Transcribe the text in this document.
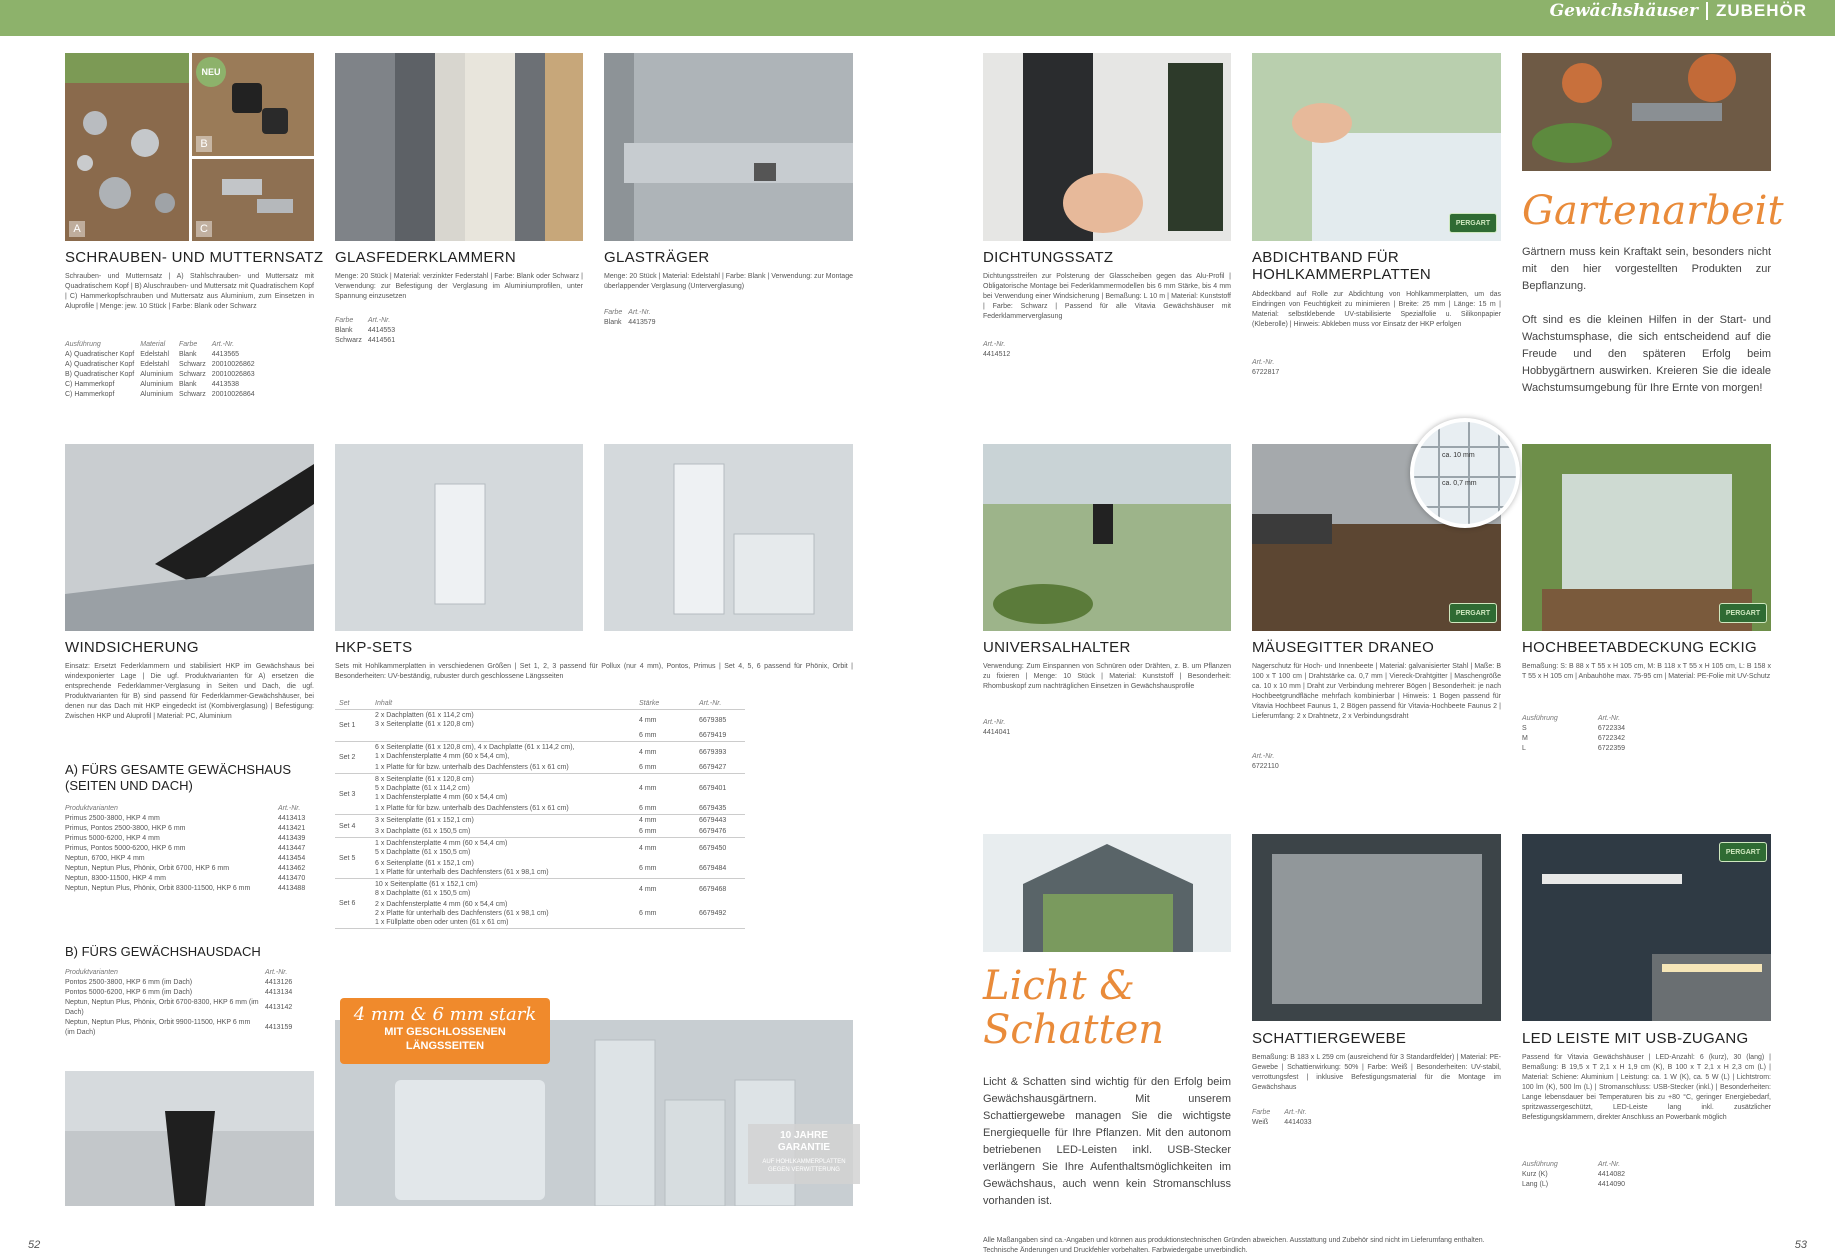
Gewächshäuser ZUBEHÖR
A
NEU
B
C
SCHRAUBEN- UND MUTTERNSATZ

Schrauben- und Mutternsatz | A) Stahlschrauben- und Muttersatz mit Quadratischem Kopf | B) Aluschrauben- und Muttersatz mit Quadratischem Kopf | C) Hammerkopfschrauben und Muttersatz aus Aluminium, zum Einsetzen in Aluprofile | Menge: jew. 10 Stück | Farbe: Blank oder Schwarz

Ausführung	Material	Farbe	Art.-Nr.
A) Quadratischer Kopf	Edelstahl	Blank	4413565
A) Quadratischer Kopf	Edelstahl	Schwarz	20010026862
B) Quadratischer Kopf	Aluminium	Schwarz	20010026863
C) Hammerkopf	Aluminium	Blank	4413538
C) Hammerkopf	Aluminium	Schwarz	20010026864
GLASFEDERKLAMMERN

Menge: 20 Stück | Material: verzinkter Federstahl | Farbe: Blank oder Schwarz | Verwendung: zur Befestigung der Verglasung im Aluminiumprofilen, unter Spannung einzusetzen

Farbe	Art.-Nr.
Blank	4414553
Schwarz	4414561
GLASTRÄGER

Menge: 20 Stück | Material: Edelstahl | Farbe: Blank | Verwendung: zur Montage überlappender Verglasung (Unterverglasung)

Farbe	Art.-Nr.
Blank	4413579
WINDSICHERUNG

Einsatz: Ersetzt Federklammern und stabilisiert HKP im Gewächshaus bei windexponierter Lage | Die ugf. Produktvarianten für A) ersetzen die entsprechende Federklammer-Verglasung in Seiten und Dach, die ugf. Produktvarianten für B) sind passend für Federklammer-Gewächshäuser, bei denen nur das Dach mit HKP eingedeckt ist (Kombiverglasung) | Befestigung: Zwischen HKP und Aluprofil | Material: PC, Aluminium

A) FÜRS GESAMTE GEWÄCHSHAUS
(SEITEN UND DACH)
Produktvarianten	Art.-Nr.
Primus 2500-3800, HKP 4 mm	4413413
Primus, Pontos 2500-3800, HKP 6 mm	4413421
Primus 5000-6200, HKP 4 mm	4413439
Primus, Pontos 5000-6200, HKP 6 mm	4413447
Neptun, 6700, HKP 4 mm	4413454
Neptun, Neptun Plus, Phönix, Orbit 6700, HKP 6 mm	4413462
Neptun, 8300-11500, HKP 4 mm	4413470
Neptun, Neptun Plus, Phönix, Orbit 8300-11500, HKP 6 mm	4413488
B) FÜRS GEWÄCHSHAUSDACH
Produktvarianten	Art.-Nr.
Pontos 2500-3800, HKP 6 mm (im Dach)	4413126
Pontos 5000-6200, HKP 6 mm (im Dach)	4413134
Neptun, Neptun Plus, Phönix, Orbit 6700-8300, HKP 6 mm (im Dach)	4413142
Neptun, Neptun Plus, Phönix, Orbit 9900-11500, HKP 6 mm (im Dach)	4413159
HKP-SETS

Sets mit Hohlkammerplatten in verschiedenen Größen | Set 1, 2, 3 passend für Pollux (nur 4 mm), Pontos, Primus | Set 4, 5, 6 passend für Phönix, Orbit | Besonderheiten: UV-beständig, rubuster durch geschlossene Längsseiten

Set	Inhalt	Stärke	Art.-Nr.
Set 1	2 x Dachplatten (61 x 114,2 cm)
3 x Seitenplatte (61 x 120,8 cm)	4 mm	6679385
		6 mm	6679419
Set 2	6 x Seitenplatte (61 x 120,8 cm), 4 x Dachplatte (61 x 114,2 cm),
1 x Dachfensterplatte 4 mm (60 x 54,4 cm),	4 mm	6679393

	1 x Platte für für bzw. unterhalb des Dachfensters (61 x 61 cm)	6 mm	6679427
Set 3	8 x Seitenplatte (61 x 120,8 cm)
5 x Dachplatte (61 x 114,2 cm)
1 x Dachfensterplatte 4 mm (60 x 54,4 cm)	4 mm	6679401

	1 x Platte für für bzw. unterhalb des Dachfensters (61 x 61 cm)	6 mm	6679435
Set 4	3 x Seitenplatte (61 x 152,1 cm)	4 mm	6679443

	3 x Dachplatte (61 x 150,5 cm)	6 mm	6679476
Set 5	1 x Dachfensterplatte 4 mm (60 x 54,4 cm)
5 x Dachplatte (61 x 150,5 cm)	4 mm	6679450

	6 x Seitenplatte (61 x 152,1 cm)
1 x Platte für unterhalb des Dachfensters (61 x 98,1 cm)	6 mm	6679484
Set 6	10 x Seitenplatte (61 x 152,1 cm)
8 x Dachplatte (61 x 150,5 cm)	4 mm	6679468

	2 x Dachfensterplatte 4 mm (60 x 54,4 cm)
2 x Platte für unterhalb des Dachfensters (61 x 98,1 cm)
1 x Füllplatte oben oder unten (61 x 61 cm)	6 mm	6679492
4 mm & 6 mm stark
MIT GESCHLOSSENEN
LÄNGSSEITEN
10 JAHRE
GARANTIE
AUF HOHLKAMMERPLATTEN
GEGEN VERWITTERUNG
52
DICHTUNGSSATZ

Dichtungsstreifen zur Polsterung der Glasscheiben gegen das Alu-Profil | Obligatorische Montage bei Federklammermodellen bis 6 mm Stärke, bis 4 mm bei Verwendung einer Windsicherung | Bemaßung: L 10 m | Material: Kunststoff | Farbe: Schwarz | Passend für alle Vitavia Gewächshäuser mit Federklammerverglasung

Art.-Nr.
4414512
PERGART
ABDICHTBAND FÜR
HOHLKAMMERPLATTEN

Abdeckband auf Rolle zur Abdichtung von Hohlkammerplatten, um das Eindringen von Feuchtigkeit zu minimieren | Breite: 25 mm | Länge: 15 m | Material: selbstklebende UV-stabilisierte Spezialfolie u. Silikonpapier (Kleberolle) | Hinweis: Abkleben muss vor Einsatz der HKP erfolgen

Art.-Nr.
6722817
Gartenarbeit

Gärtnern muss kein Kraftakt sein, besonders nicht mit den hier vorgestellten Produkten zur Bepflanzung.

Oft sind es die kleinen Hilfen in der Start- und Wachstumsphase, die sich entscheidend auf die Freude und den späteren Erfolg beim Hobbygärtnern auswirken. Kreieren Sie die ideale Wachstumsumgebung für Ihre Ernte von morgen!

UNIVERSALHALTER

Verwendung: Zum Einspannen von Schnüren oder Drähten, z. B. um Pflanzen zu fixieren | Menge: 10 Stück | Material: Kunststoff | Besonderheit: Rhombuskopf zum nachträglichen Einsetzen in Gewächshausprofile

Art.-Nr.
4414041
PERGART
ca. 10 mm
ca. 0,7 mm
MÄUSEGITTER DRANEO

Nagerschutz für Hoch- und Innenbeete | Material: galvanisierter Stahl | Maße: B 100 x T 100 cm | Drahtstärke ca. 0,7 mm | Viereck-Drahtgitter | Maschengröße ca. 10 x 10 mm | Draht zur Verbindung mehrerer Bögen | Besonderheit: je nach Hochbeetgrundfläche mehrfach kombinierbar | Hinweis: 1 Bogen passend für Vitavia Hochbeet Faunus 1, 2 Bögen passend für Vitavia-Hochbeete Faunus 2 | Lieferumfang: 2 x Drahtnetz, 2 x Verbindungsdraht

Art.-Nr.
6722110
PERGART
HOCHBEETABDECKUNG ECKIG

Bemaßung: S: B 88 x T 55 x H 105 cm, M: B 118 x T 55 x H 105 cm, L: B 158 x T 55 x H 105 cm | Anbauhöhe max. 75-95 cm | Material: PE-Folie mit UV-Schutz

Ausführung	Art.-Nr.
S	6722334
M	6722342
L	6722359
Licht &
Schatten

Licht & Schatten sind wichtig für den Erfolg beim Gewächshausgärtnern. Mit unserem Schattiergewebe managen Sie die wichtigste Energiequelle für Ihre Pflanzen. Mit den autonom betriebenen LED-Leisten inkl. USB-Stecker verlängern Sie Ihre Aufenthaltsmöglichkeiten im Gewächshaus, auch wenn kein Stromanschluss vorhanden ist.

SCHATTIERGEWEBE

Bemaßung: B 183 x L 259 cm (ausreichend für 3 Standardfelder) | Material: PE-Gewebe | Schattierwirkung: 50% | Farbe: Weiß | Besonderheiten: UV-stabil, verrottungsfest | inklusive Befestigungsmaterial für die Montage im Gewächshaus

Farbe	Art.-Nr.
Weiß	4414033
PERGART
LED LEISTE MIT USB-ZUGANG

Passend für Vitavia Gewächshäuser | LED-Anzahl: 6 (kurz), 30 (lang) | Bemaßung: B 19,5 x T 2,1 x H 1,9 cm (K), B 100 x T 2,1 x H 2,3 cm (L) | Material: Schiene: Aluminium | Leistung: ca. 1 W (K), ca. 5 W (L) | Lichtstrom: 100 lm (K), 500 lm (L) | Stromanschluss: USB-Stecker (inkl.) | Besonderheiten: Lange lebensdauer bei Temperaturen bis zu +80 °C, geringer Energiebedarf, spritzwassergeschützt, LED-Leiste lang inkl. zusätzlicher Befestigungsklammern, direkter Anschluss an Powerbank möglich

Ausführung	Art.-Nr.
Kurz (K)	4414082
Lang (L)	4414090
Alle Maßangaben sind ca.-Angaben und können aus produktionstechnischen Gründen abweichen. Ausstattung und Zubehör sind nicht im Lieferumfang enthalten.
Technische Änderungen und Druckfehler vorbehalten. Farbwiedergabe unverbindlich.	53
